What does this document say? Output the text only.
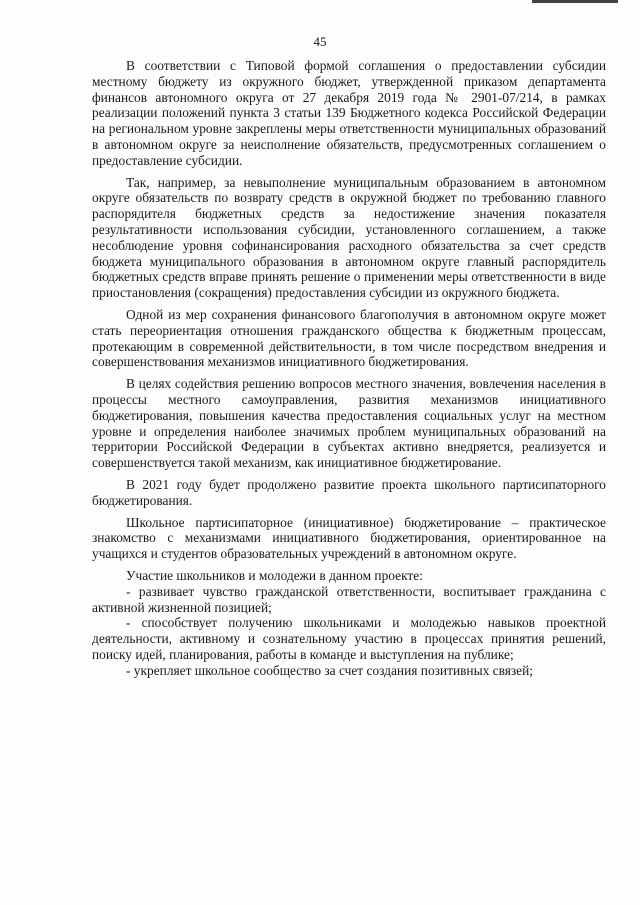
45

В соответствии с Типовой формой соглашения о предоставлении субсидии местному бюджету из окружного бюджет, утвержденной приказом департамента финансов автономного округа от 27 декабря 2019 года № 2901-07/214, в рамках реализации положений пункта 3 статьи 139 Бюджетного кодекса Российской Федерации на региональном уровне закреплены меры ответственности муниципальных образований в автономном округе за неисполнение обязательств, предусмотренных соглашением о предоставление субсидии.

Так, например, за невыполнение муниципальным образованием в автономном округе обязательств по возврату средств в окружной бюджет по требованию главного распорядителя бюджетных средств за недостижение значения показателя результативности использования субсидии, установленного соглашением, а также несоблюдение уровня софинансирования расходного обязательства за счет средств бюджета муниципального образования в автономном округе главный распорядитель бюджетных средств вправе принять решение о применении меры ответственности в виде приостановления (сокращения) предоставления субсидии из окружного бюджета.

Одной из мер сохранения финансового благополучия в автономном округе может стать переориентация отношения гражданского общества к бюджетным процессам, протекающим в современной действительности, в том числе посредством внедрения и совершенствования механизмов инициативного бюджетирования.

В целях содействия решению вопросов местного значения, вовлечения населения в процессы местного самоуправления, развития механизмов инициативного бюджетирования, повышения качества предоставления социальных услуг на местном уровне и определения наиболее значимых проблем муниципальных образований на территории Российской Федерации в субъектах активно внедряется, реализуется и совершенствуется такой механизм, как инициативное бюджетирование.

В 2021 году будет продолжено развитие проекта школьного партисипаторного бюджетирования.

Школьное партисипаторное (инициативное) бюджетирование – практическое знакомство с механизмами инициативного бюджетирования, ориентированное на учащихся и студентов образовательных учреждений в автономном округе.

Участие школьников и молодежи в данном проекте:

- развивает чувство гражданской ответственности, воспитывает гражданина с активной жизненной позицией;

- способствует получению школьниками и молодежью навыков проектной деятельности, активному и сознательному участию в процессах принятия решений, поиску идей, планирования, работы в команде и выступления на публике;

- укрепляет школьное сообщество за счет создания позитивных связей;
